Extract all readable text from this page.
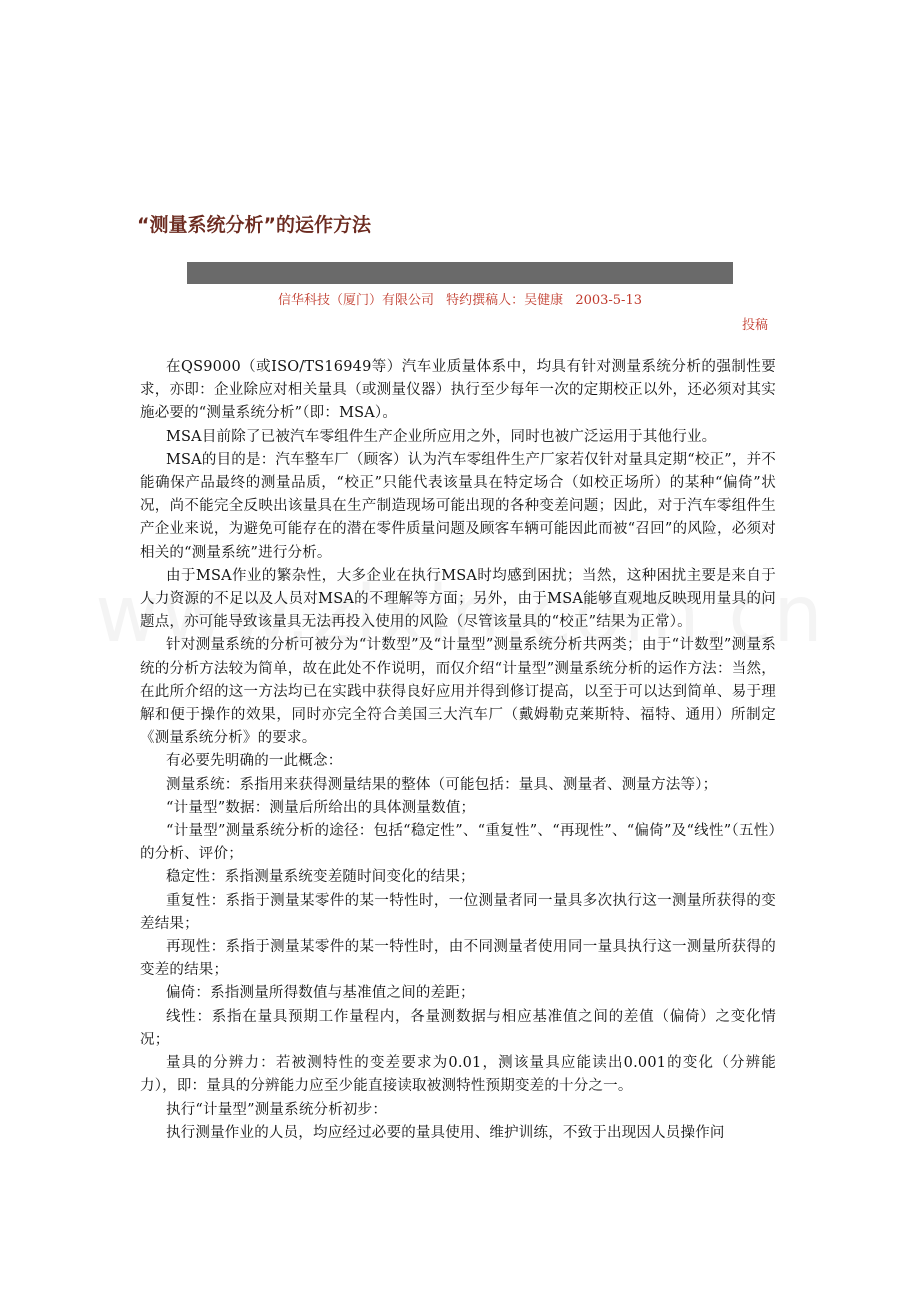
“测量系统分析”的运作方法
信华科技（厦门）有限公司 特约撰稿人：吴健康 2003-5-13
投稿

在QS9000（或ISO/TS16949等）汽车业质量体系中，均具有针对测量系统分析的强制性要求，亦即：企业除应对相关量具（或测量仪器）执行至少每年一次的定期校正以外，还必须对其实施必要的“测量系统分析”（即：MSA）。

MSA目前除了已被汽车零组件生产企业所应用之外，同时也被广泛运用于其他行业。

MSA的目的是：汽车整车厂（顾客）认为汽车零组件生产厂家若仅针对量具定期“校正”，并不能确保产品最终的测量品质，“校正”只能代表该量具在特定场合（如校正场所）的某种“偏倚”状况，尚不能完全反映出该量具在生产制造现场可能出现的各种变差问题；因此，对于汽车零组件生产企业来说，为避免可能存在的潜在零件质量问题及顾客车辆可能因此而被“召回”的风险，必须对相关的“测量系统”进行分析。

由于MSA作业的繁杂性，大多企业在执行MSA时均感到困扰；当然，这种困扰主要是来自于人力资源的不足以及人员对MSA的不理解等方面；另外，由于MSA能够直观地反映现用量具的问题点，亦可能导致该量具无法再投入使用的风险（尽管该量具的“校正”结果为正常）。

针对测量系统的分析可被分为“计数型”及“计量型”测量系统分析共两类；由于“计数型”测量系统的分析方法较为简单，故在此处不作说明，而仅介绍“计量型”测量系统分析的运作方法：当然，在此所介绍的这一方法均已在实践中获得良好应用并得到修订提高，以至于可以达到简单、易于理解和便于操作的效果，同时亦完全符合美国三大汽车厂（戴姆勒克莱斯特、福特、通用）所制定《测量系统分析》的要求。

有必要先明确的一此概念：

测量系统：系指用来获得测量结果的整体（可能包括：量具、测量者、测量方法等）；

“计量型”数据：测量后所给出的具体测量数值；

“计量型”测量系统分析的途径：包括“稳定性”、“重复性”、“再现性”、“偏倚”及“线性”（五性）的分析、评价；

稳定性：系指测量系统变差随时间变化的结果；

重复性：系指于测量某零件的某一特性时，一位测量者同一量具多次执行这一测量所获得的变差结果；

再现性：系指于测量某零件的某一特性时，由不同测量者使用同一量具执行这一测量所获得的变差的结果；

偏倚：系指测量所得数值与基准值之间的差距；

线性：系指在量具预期工作量程内，各量测数据与相应基准值之间的差值（偏倚）之变化情况；

量具的分辨力：若被测特性的变差要求为0.01，测该量具应能读出0.001的变化（分辨能力），即：量具的分辨能力应至少能直接读取被测特性预期变差的十分之一。

执行“计量型”测量系统分析初步：

执行测量作业的人员，均应经过必要的量具使用、维护训练，不致于出现因人员操作问
